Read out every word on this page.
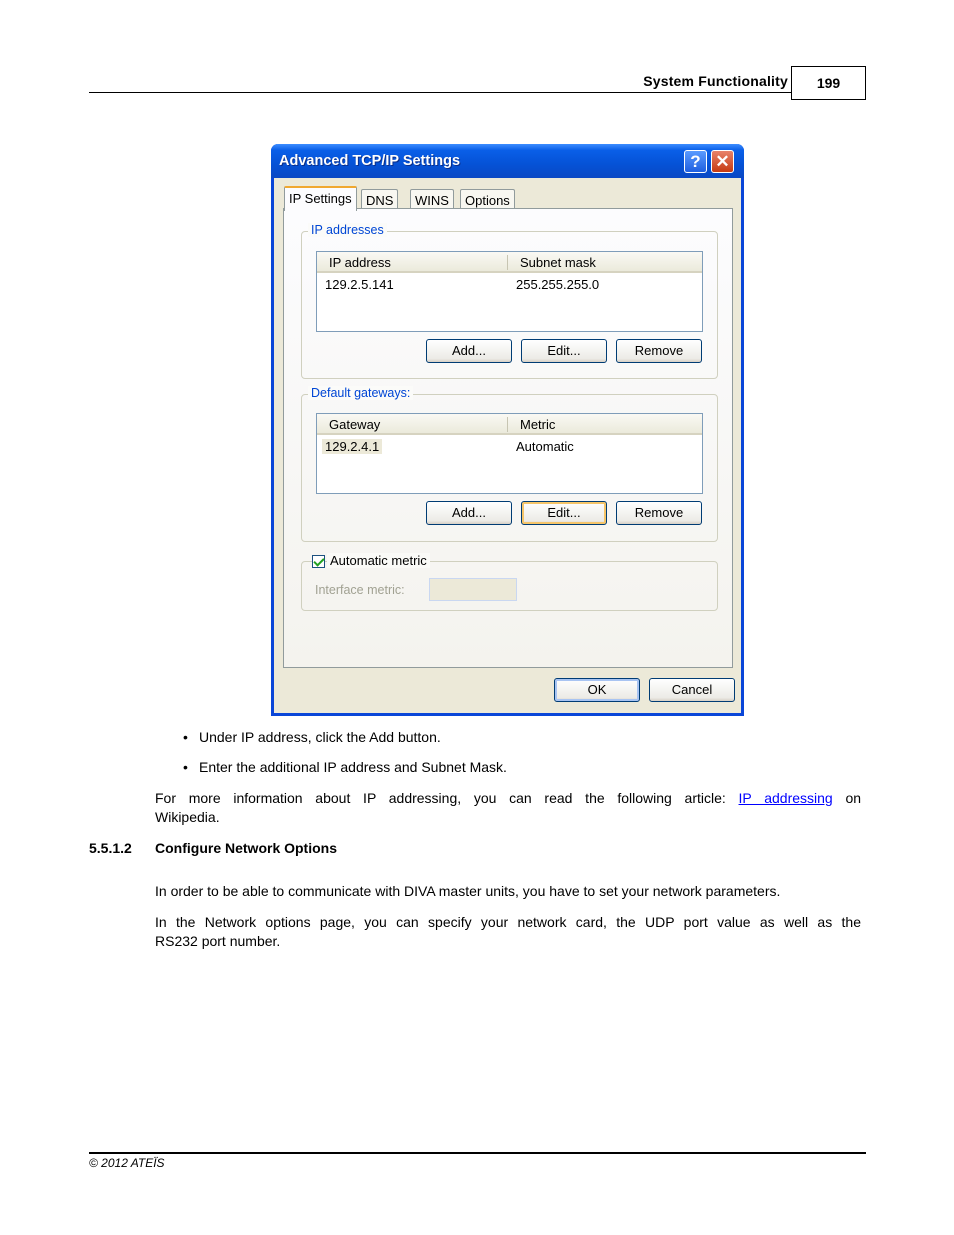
System Functionality	199
Advanced TCP/IP Settings	? ✕
IP Settings	DNS	WINS	Options
IP addresses
IP address	Subnet mask
129.2.5.141	255.255.255.0
Add...	Edit...	Remove
Default gateways:
Gateway	Metric
129.2.4.1	Automatic
Add...	Edit...	Remove
Automatic metric
Interface metric:
OK	Cancel
• Under IP address, click the Add button.
• Enter the additional IP address and Subnet Mask.
For more information about IP addressing, you can read the following article: IP addressing on
Wikipedia.
5.5.1.2 Configure Network Options
In order to be able to communicate with DIVA master units, you have to set your network parameters.
In the Network options page, you can specify your network card, the UDP port value as well as the
RS232 port number.
© 2012 ATEÏS
